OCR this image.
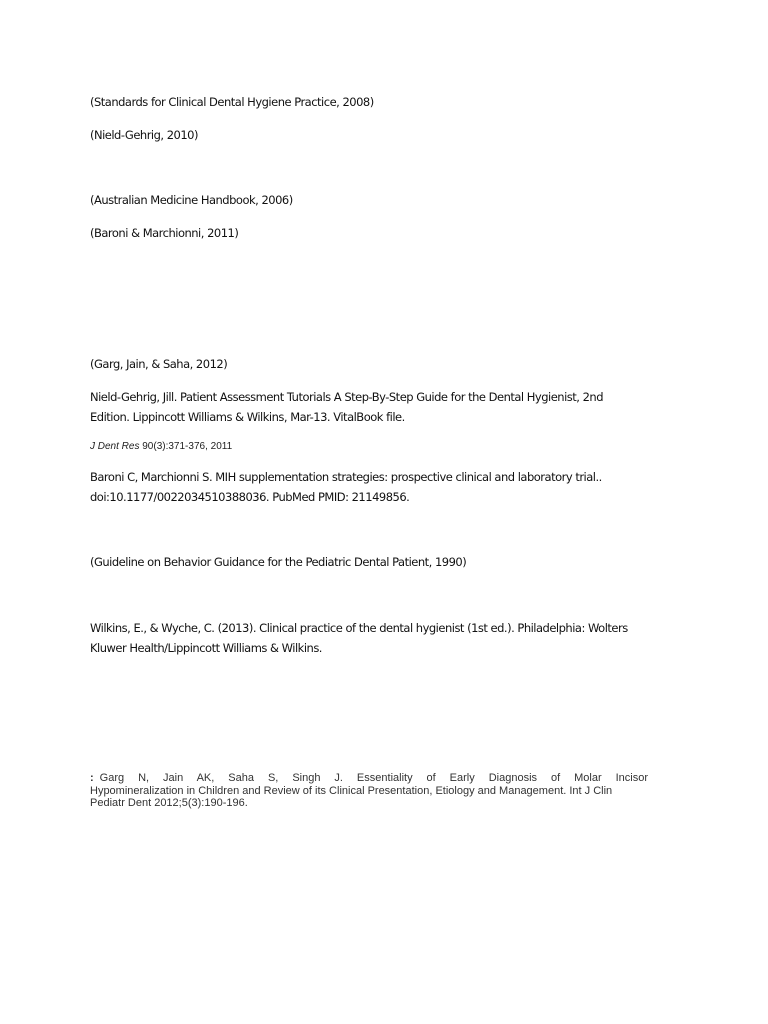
(Standards for Clinical Dental Hygiene Practice, 2008)

(Nield-Gehrig, 2010)

(Australian Medicine Handbook, 2006)

(Baroni & Marchionni, 2011)

(Garg, Jain, & Saha, 2012)

Nield-Gehrig, Jill. Patient Assessment Tutorials A Step-By-Step Guide for the Dental Hygienist, 2nd
Edition. Lippincott Williams & Wilkins, Mar-13. VitalBook file.

J Dent Res 90(3):371-376, 2011

Baroni C, Marchionni S. MIH supplementation strategies: prospective clinical and laboratory trial..
doi:10.1177/0022034510388036. PubMed PMID: 21149856.

(Guideline on Behavior Guidance for the Pediatric Dental Patient, 1990)

Wilkins, E., & Wyche, C. (2013). Clinical practice of the dental hygienist (1st ed.). Philadelphia: Wolters
Kluwer Health/Lippincott Williams & Wilkins.
: Garg N, Jain AK, Saha S, Singh J. Essentiality of Early Diagnosis of Molar Incisor
Hypomineralization in Children and Review of its Clinical Presentation, Etiology and Management. Int J Clin
Pediatr Dent 2012;5(3):190-196.
